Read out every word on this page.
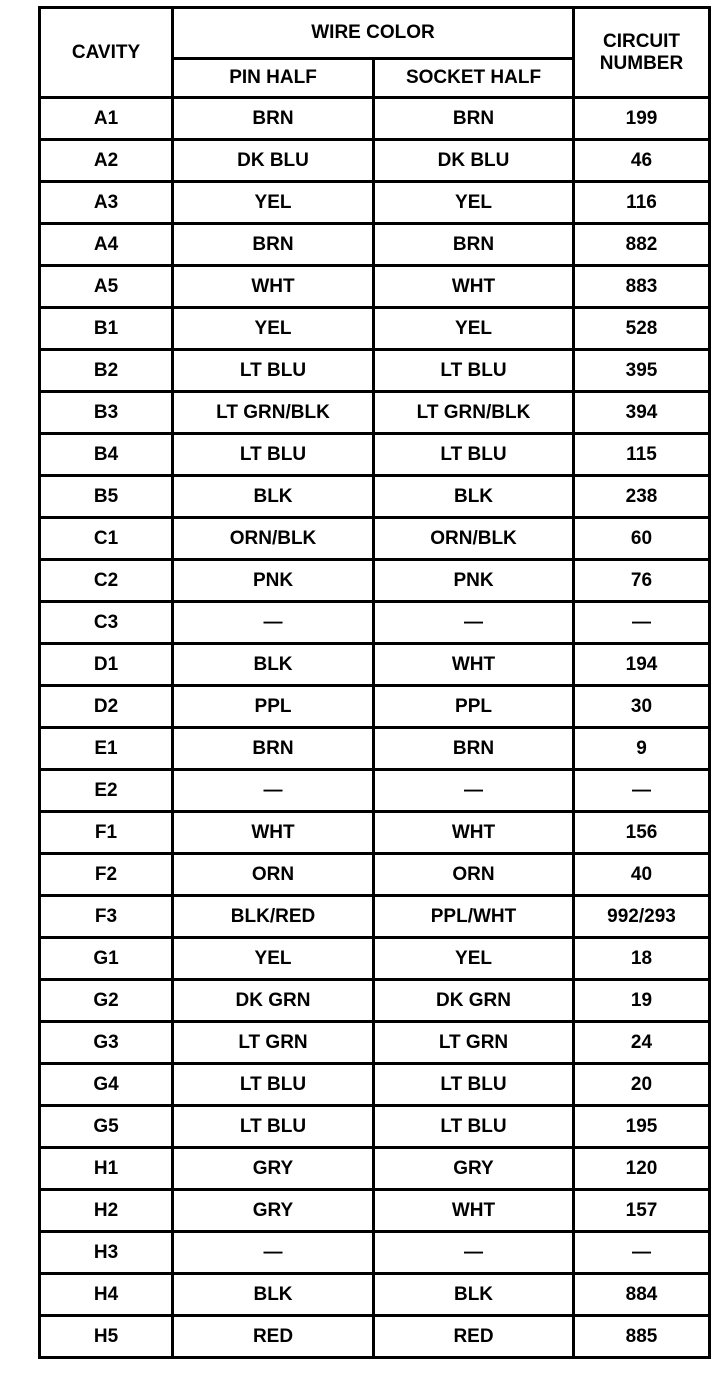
CAVITY	WIRE COLOR		CIRCUIT
NUMBER

	PIN HALF	SOCKET HALF	
A1	BRN	BRN	199
A2	DK BLU	DK BLU	46
A3	YEL	YEL	116
A4	BRN	BRN	882
A5	WHT	WHT	883
B1	YEL	YEL	528
B2	LT BLU	LT BLU	395
B3	LT GRN/BLK	LT GRN/BLK	394
B4	LT BLU	LT BLU	115
B5	BLK	BLK	238
C1	ORN/BLK	ORN/BLK	60
C2	PNK	PNK	76
C3	—	—	—
D1	BLK	WHT	194
D2	PPL	PPL	30
E1	BRN	BRN	9
E2	—	—	—
F1	WHT	WHT	156
F2	ORN	ORN	40
F3	BLK/RED	PPL/WHT	992/293
G1	YEL	YEL	18
G2	DK GRN	DK GRN	19
G3	LT GRN	LT GRN	24
G4	LT BLU	LT BLU	20
G5	LT BLU	LT BLU	195
H1	GRY	GRY	120
H2	GRY	WHT	157
H3	—	—	—
H4	BLK	BLK	884
H5	RED	RED	885
